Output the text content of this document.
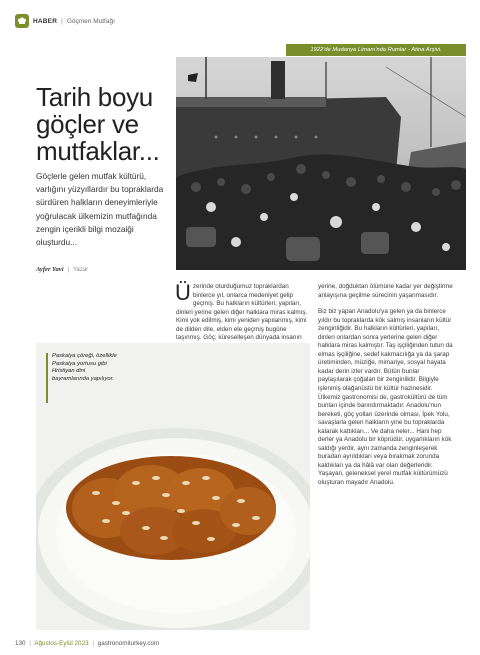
HABER | Göçmen Mutfağı
1922'de Mudanya Limanı'nda Rumlar - Atina Arşivi.
Tarih boyu göçler ve mutfaklar...

Göçlerle gelen mutfak kültürü, varlığını yüzyıllardır bu topraklarda sürdüren halkların deneyimleriyle yoğrulacak ülkemizin mutfağında zengin içerikli bilgi mozaiği oluşturdu...

Ayfer Yavi | Yazar

Ü zerinde oturduğumuz topraklardan binlerce yıl, onlarca medeniyet gelip geçmiş. Bu halkların kültürleri, yapıları, dinleri yerine gelen diğer halklara miras kalmış. Kimi yok edilmiş, kimi yeniden yapılanmış, kimi de dilden dile, elden ele geçmiş bugüne taşınmış. Göç; küreselleşen dünyada insanın

yerine, doğduktan ölümüne kadar yer değiştirme anlayışına geçilme sürecinin yaşanmasıdır.

Biz biz yapan Anadolu'ya gelen ya da binlerce yıldır bu topraklarda kök salmış insanların kültür zenginliğidir. Bu halkların kültürleri, yapıları, dinleri onlardan sonra yerlerine gelen diğer halklara miras kalmıştır. Taş işçiliğinden tutun da elmas işçiliğine, sedef kakmacılığa ya da şarap üretiminden, müziğe, mimariye, sosyal hayata kadar derin izler vardır. Bütün bunlar paylaşılarak çoğalan bir zenginliktir. Bilgiyle işlenmiş olağanüstü bir kültür hazinesidir. Ülkemiz gastronomisi de, gastrokültürü de tüm bunları içinde barındırmaktadır. Anadolu'nun bereketi, göç yolları üzerinde olması, İpek Yolu, savaşlarla gelen halkların yine bu topraklarda kalarak kattıkları... Ve daha neler... Hani hep derler ya Anadolu bir köprüdür, uygarlıkların kök saldığı yerdir, aynı zamanda zenginleşerek buradan ayrıldıkları veya bırakmak zorunda kaldıkları ya da hâlâ var olan değerleridir. Yaşayan, geleneksel yerel mutfak kültürümüzü oluşturan mayadır Anadolu.

Paskalya çöreği, özellikle Paskalya yortusu gibi Hristiyan dini bayramlarında yapılıyor.

130 | Ağustos-Eylül 2023 | gastronomiturkey.com
